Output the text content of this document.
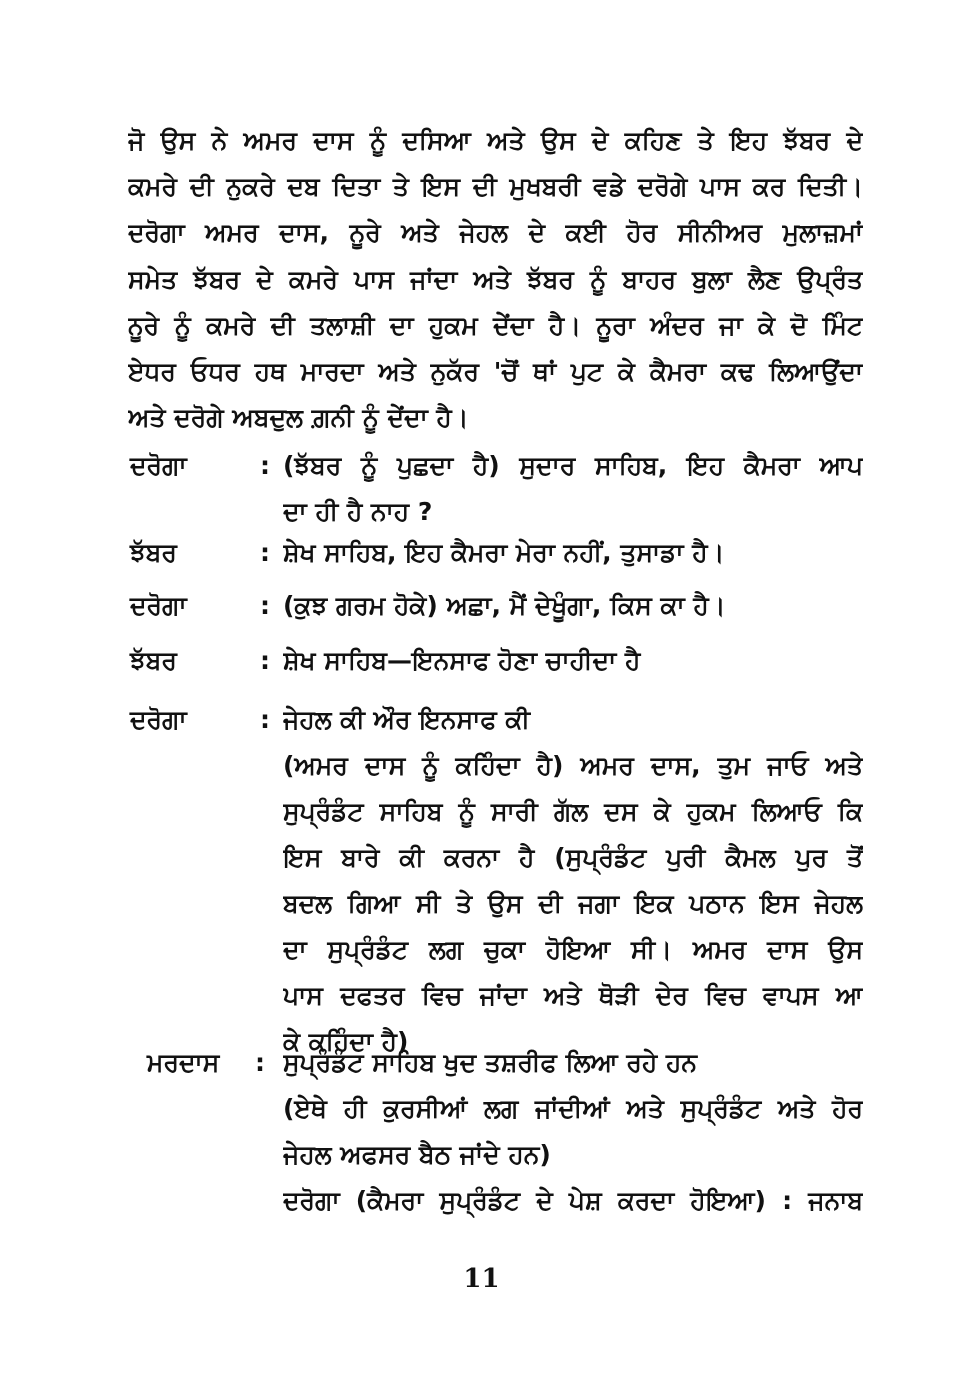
ਜੋ ਉਸ ਨੇ ਅਮਰ ਦਾਸ ਨੂੰ ਦਸਿਆ ਅਤੇ ਉਸ ਦੇ ਕਹਿਣ ਤੇ ਇਹ ਝੱਬਰ ਦੇ
ਕਮਰੇ ਦੀ ਨੁਕਰੇ ਦਬ ਦਿਤਾ ਤੇ ਇਸ ਦੀ ਮੁਖਬਰੀ ਵਡੇ ਦਰੋਗੇ ਪਾਸ ਕਰ ਦਿਤੀ।
ਦਰੋਗਾ ਅਮਰ ਦਾਸ, ਨੂਰੇ ਅਤੇ ਜੇਹਲ ਦੇ ਕਈ ਹੋਰ ਸੀਨੀਅਰ ਮੁਲਾਜ਼ਮਾਂ
ਸਮੇਤ ਝੱਬਰ ਦੇ ਕਮਰੇ ਪਾਸ ਜਾਂਦਾ ਅਤੇ ਝੱਬਰ ਨੂੰ ਬਾਹਰ ਬੁਲਾ ਲੈਣ ਉਪ੍ਰੰਤ
ਨੂਰੇ ਨੂੰ ਕਮਰੇ ਦੀ ਤਲਾਸ਼ੀ ਦਾ ਹੁਕਮ ਦੇਂਦਾ ਹੈ। ਨੂਰਾ ਅੰਦਰ ਜਾ ਕੇ ਦੋ ਮਿੰਟ
ਏਧਰ ਓਧਰ ਹਥ ਮਾਰਦਾ ਅਤੇ ਨੁਕੱਰ 'ਚੋਂ ਥਾਂ ਪੁਟ ਕੇ ਕੈਮਰਾ ਕਢ ਲਿਆਉਂਦਾ
ਅਤੇ ਦਰੋਗੇ ਅਬਦੁਲ ਗ਼ਨੀ ਨੂੰ ਦੇਂਦਾ ਹੈ।
ਦਰੋਗਾ	: (ਝੱਬਰ ਨੂੰ ਪੁਛਦਾ ਹੈ) ਸੁਦਾਰ ਸਾਹਿਬ, ਇਹ ਕੈਮਰਾ ਆਪ
ਦਾ ਹੀ ਹੈ ਨਾਹ ?
ਝੱਬਰ	: ਸ਼ੇਖ ਸਾਹਿਬ, ਇਹ ਕੈਮਰਾ ਮੇਰਾ ਨਹੀਂ, ਤੁਸਾਡਾ ਹੈ।
ਦਰੋਗਾ	: (ਕੁਝ ਗਰਮ ਹੋਕੇ) ਅਛਾ, ਮੈਂ ਦੇਖੂੰਗਾ, ਕਿਸ ਕਾ ਹੈ।
ਝੱਬਰ	: ਸ਼ੇਖ ਸਾਹਿਬ—ਇਨਸਾਫ ਹੋਣਾ ਚਾਹੀਦਾ ਹੈ
ਦਰੋਗਾ	: ਜੇਹਲ ਕੀ ਔਰ ਇਨਸਾਫ ਕੀ
(ਅਮਰ ਦਾਸ ਨੂੰ ਕਹਿੰਦਾ ਹੈ) ਅਮਰ ਦਾਸ, ਤੁਮ ਜਾਓ ਅਤੇ
ਸੁਪ੍ਰੰਡੰਟ ਸਾਹਿਬ ਨੂੰ ਸਾਰੀ ਗੱਲ ਦਸ ਕੇ ਹੁਕਮ ਲਿਆਓ ਕਿ
ਇਸ ਬਾਰੇ ਕੀ ਕਰਨਾ ਹੈ (ਸੁਪ੍ਰੰਡੰਟ ਪੁਰੀ ਕੈਮਲ ਪੁਰ ਤੋਂ
ਬਦਲ ਗਿਆ ਸੀ ਤੇ ਉਸ ਦੀ ਜਗਾ ਇਕ ਪਠਾਨ ਇਸ ਜੇਹਲ
ਦਾ ਸੁਪ੍ਰੰਡੰਟ ਲਗ ਚੁਕਾ ਹੋਇਆ ਸੀ। ਅਮਰ ਦਾਸ ਉਸ
ਪਾਸ ਦਫਤਰ ਵਿਚ ਜਾਂਦਾ ਅਤੇ ਥੋੜੀ ਦੇਰ ਵਿਚ ਵਾਪਸ ਆ
ਕੇ ਕਹਿੰਦਾ ਹੈ)
ਮਰਦਾਸ	: ਸੁਪ੍ਰੰਡੰਟ ਸਾਹਿਬ ਖੁਦ ਤਸ਼ਰੀਫ ਲਿਆ ਰਹੇ ਹਨ
(ਏਥੇ ਹੀ ਕੁਰਸੀਆਂ ਲਗ ਜਾਂਦੀਆਂ ਅਤੇ ਸੁਪ੍ਰੰਡੰਟ ਅਤੇ ਹੋਰ
ਜੇਹਲ ਅਫਸਰ ਬੈਠ ਜਾਂਦੇ ਹਨ)
ਦਰੋਗਾ (ਕੈਮਰਾ ਸੁਪ੍ਰੰਡੰਟ ਦੇ ਪੇਸ਼ ਕਰਦਾ ਹੋਇਆ) : ਜਨਾਬ
11
